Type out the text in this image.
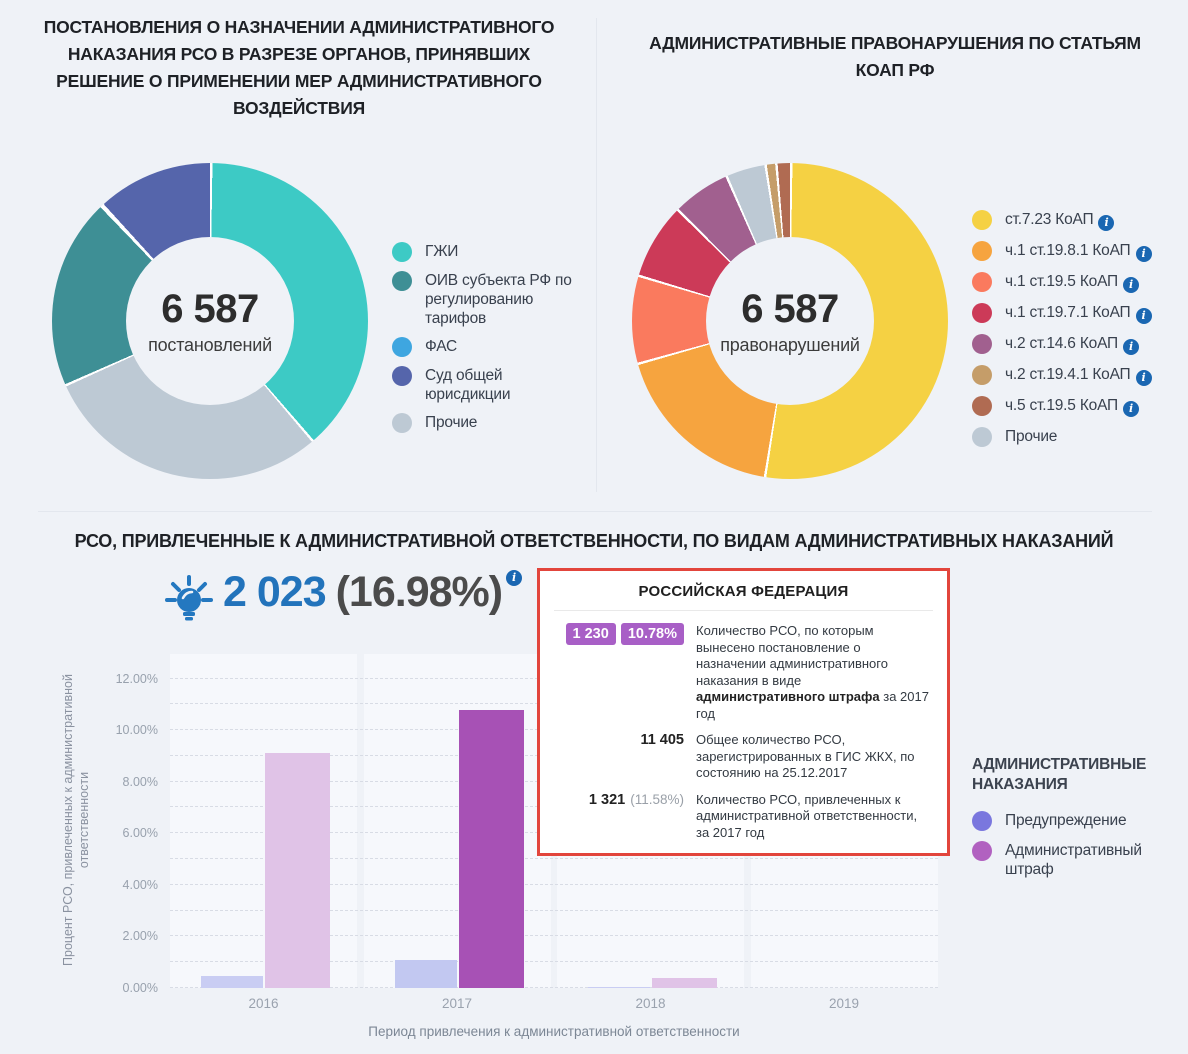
ПОСТАНОВЛЕНИЯ О НАЗНАЧЕНИИ АДМИНИСТРАТИВНОГО НАКАЗАНИЯ РСО В РАЗРЕЗЕ ОРГАНОВ, ПРИНЯВШИХ РЕШЕНИЕ О ПРИМЕНЕНИИ МЕР АДМИНИСТРАТИВНОГО ВОЗДЕЙСТВИЯ
6 587
постановлений
ГЖИ
ОИВ субъекта РФ по регулированию тарифов
ФАС
Суд общей юрисдикции
Прочие
АДМИНИСТРАТИВНЫЕ ПРАВОНАРУШЕНИЯ ПО СТАТЬЯМ КОАП РФ
6 587
правонарушений
ст.7.23 КоАП i
ч.1 ст.19.8.1 КоАП i
ч.1 ст.19.5 КоАП i
ч.1 ст.19.7.1 КоАП i
ч.2 ст.14.6 КоАП i
ч.2 ст.19.4.1 КоАП i
ч.5 ст.19.5 КоАП i
Прочие
РСО, ПРИВЛЕЧЕННЫЕ К АДМИНИСТРАТИВНОЙ ОТВЕТСТВЕННОСТИ, ПО ВИДАМ АДМИНИСТРАТИВНЫХ НАКАЗАНИЙ
2 023 (16.98%) i
РОССИЙСКАЯ ФЕДЕРАЦИЯ
1 230	10.78%	Количество РСО, по которым вынесено постановление о назначении административного наказания в виде административного штрафа за 2017 год
11 405 Общее количество РСО, зарегистрированных в ГИС ЖКХ, по состоянию на 25.12.2017
1 321 (11.58%) Количество РСО, привлеченных к административной ответственности, за 2017 год
Процент РСО, привлеченных к административной ответственности
0.00%
2.00%
4.00%
6.00%
8.00%
10.00%
12.00%
2016	2017	2018	2019
Период привлечения к административной ответственности
АДМИНИСТРАТИВНЫЕ НАКАЗАНИЯ
Предупреждение
Административный штраф
